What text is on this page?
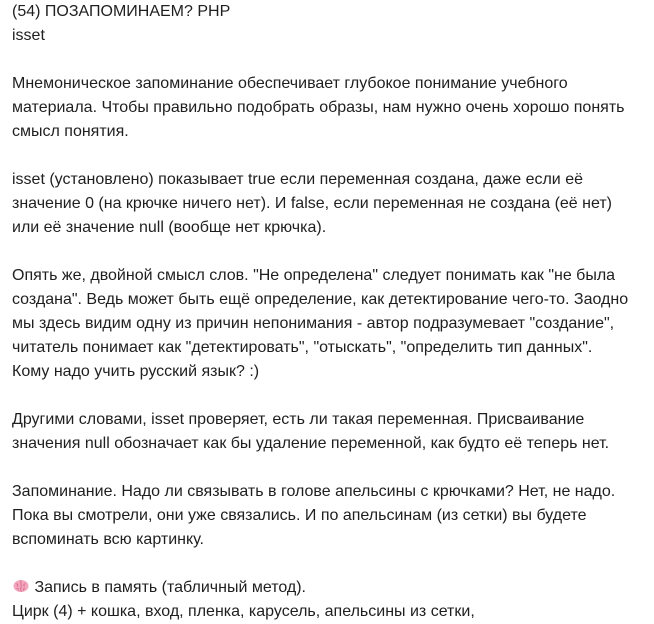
(54) ПОЗАПОМИНАЕМ? PHP
isset
Мнемоническое запоминание обеспечивает глубокое понимание учебного
материала. Чтобы правильно подобрать образы, нам нужно очень хорошо понять
смысл понятия.
isset (установлено) показывает true если переменная создана, даже если её
значение 0 (на крючке ничего нет). И false, если переменная не создана (её нет)
или её значение null (вообще нет крючка).
Опять же, двойной смысл слов. "Не определена" следует понимать как "не была
создана". Ведь может быть ещё определение, как детектирование чего-то. Заодно
мы здесь видим одну из причин непонимания - автор подразумевает "создание",
читатель понимает как "детектировать", "отыскать", "определить тип данных".
Кому надо учить русский язык? :)
Другими словами, isset проверяет, есть ли такая переменная. Присваивание
значения null обозначает как бы удаление переменной, как будто её теперь нет.
Запоминание. Надо ли связывать в голове апельсины с крючками? Нет, не надо.
Пока вы смотрели, они уже связались. И по апельсинам (из сетки) вы будете
вспоминать всю картинку.
Запись в память (табличный метод).
Цирк (4) + кошка, вход, пленка, карусель, апельсины из сетки,
